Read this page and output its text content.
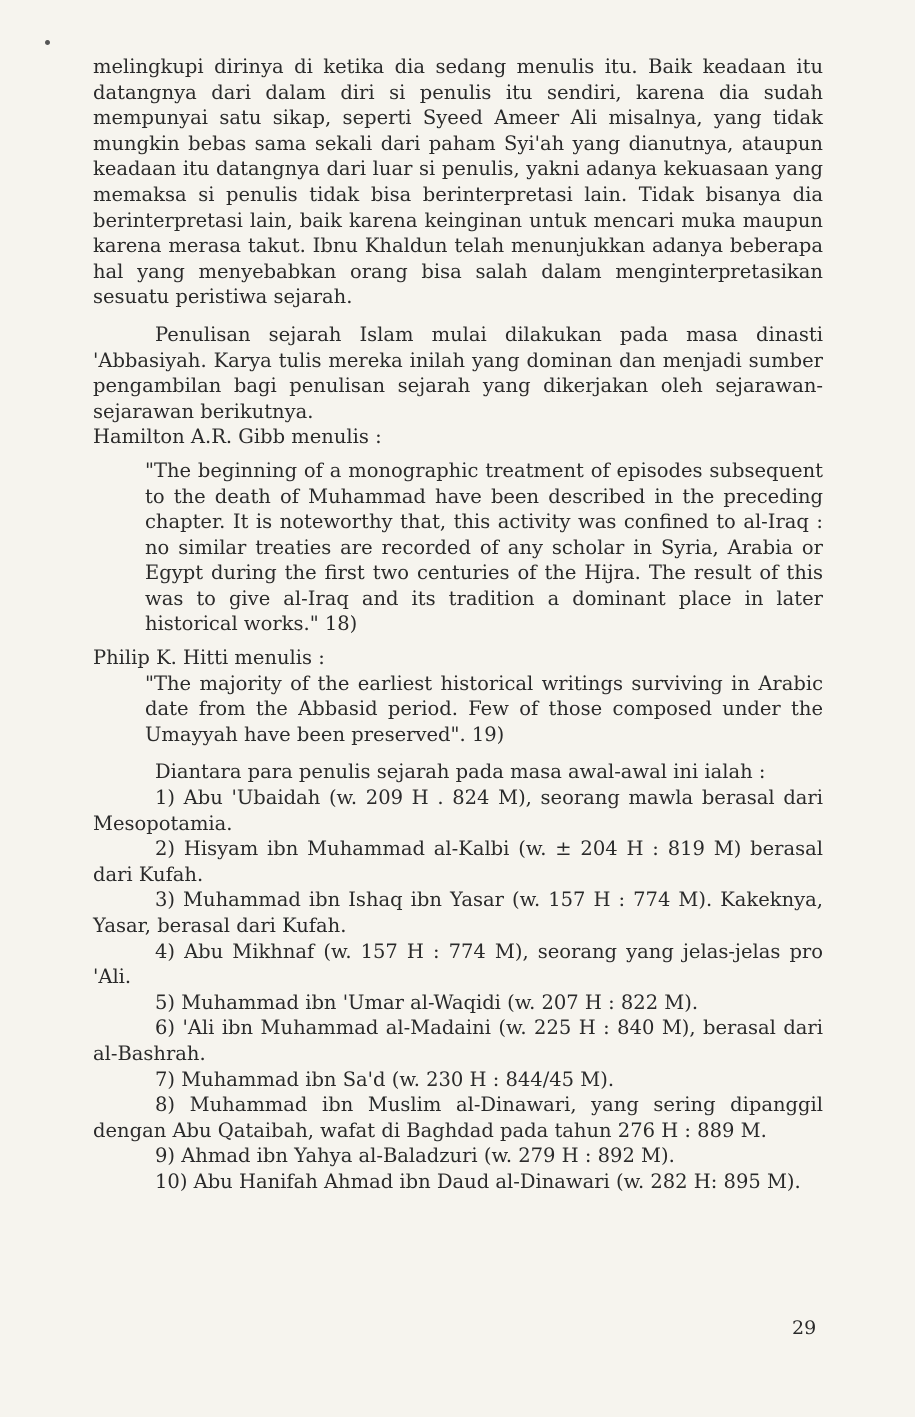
melingkupi dirinya di ketika dia sedang menulis itu. Baik keadaan itu datangnya dari dalam diri si penulis itu sendiri, karena dia sudah mempunyai satu sikap, seperti Syeed Ameer Ali misalnya, yang tidak mungkin bebas sama sekali dari paham Syi'ah yang dianutnya, ataupun keadaan itu datangnya dari luar si penulis, yakni adanya kekuasaan yang memaksa si penulis tidak bisa berinterpretasi lain. Tidak bisanya dia berinterpretasi lain, baik karena keinginan untuk mencari muka maupun karena merasa takut. Ibnu Khaldun telah menunjukkan adanya beberapa hal yang menyebabkan orang bisa salah dalam menginterpretasikan sesuatu peristiwa sejarah.

Penulisan sejarah Islam mulai dilakukan pada masa dinasti 'Abbasiyah. Karya tulis mereka inilah yang dominan dan menjadi sumber pengambilan bagi penulisan sejarah yang dikerjakan oleh sejarawan-sejarawan berikutnya.

Hamilton A.R. Gibb menulis :

"The beginning of a monographic treatment of episodes subsequent to the death of Muhammad have been described in the preceding chapter. It is noteworthy that, this activity was confined to al-Iraq : no similar treaties are recorded of any scholar in Syria, Arabia or Egypt during the first two centuries of the Hijra. The result of this was to give al-Iraq and its tradition a dominant place in later historical works." 18)

Philip K. Hitti menulis :

"The majority of the earliest historical writings surviving in Arabic date from the Abbasid period. Few of those composed under the Umayyah have been preserved". 19)

Diantara para penulis sejarah pada masa awal-awal ini ialah :

1) Abu 'Ubaidah (w. 209 H . 824 M), seorang mawla berasal dari Mesopotamia.

2) Hisyam ibn Muhammad al-Kalbi (w. ± 204 H : 819 M) berasal dari Kufah.

3) Muhammad ibn Ishaq ibn Yasar (w. 157 H : 774 M). Kakeknya, Yasar, berasal dari Kufah.

4) Abu Mikhnaf (w. 157 H : 774 M), seorang yang jelas-jelas pro 'Ali.

5) Muhammad ibn 'Umar al-Waqidi (w. 207 H : 822 M).

6) 'Ali ibn Muhammad al-Madaini (w. 225 H : 840 M), berasal dari al-Bashrah.

7) Muhammad ibn Sa'd (w. 230 H : 844/45 M).

8) Muhammad ibn Muslim al-Dinawari, yang sering dipanggil dengan Abu Qataibah, wafat di Baghdad pada tahun 276 H : 889 M.

9) Ahmad ibn Yahya al-Baladzuri (w. 279 H : 892 M).

10) Abu Hanifah Ahmad ibn Daud al-Dinawari (w. 282 H: 895 M).

29
